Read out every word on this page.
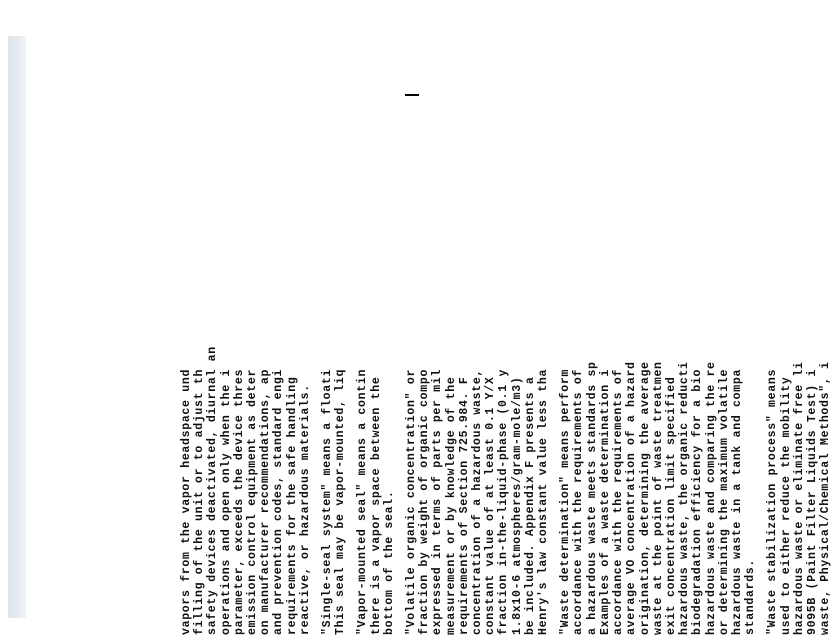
vapors from the vapor headspace und filling of the unit or to adjust th safety devices deactivated, diurnal an operations and open only when the i parameter, exceeds the device thres emission control equipment as deter on manufacturer recommendations, ap and prevention codes, standard engi requirements for the safe handling reactive, or hazardous materials. "Single-seal system" means a floati This seal may be vapor-mounted, liq "Vapor-mounted seal" means a contin there is a vapor space between the bottom of the seal. "Volatile organic concentration" or fraction by weight of organic compo expressed in terms of parts per mil measurement or by knowledge of the requirements of Section 725.984. F concentration of a hazardous waste, constant value of at least 0.1 Y/X fraction in-the-liquid-phase (0.1 y 1.8x10-6 atmospheres/gram-mole/m3) be included. Appendix F presents a Henry's law constant value less tha "Waste determination" means perform accordance with the requirements of a hazardous waste meets standards sp Examples of a waste determination i accordance with the requirements of average VO concentration of a hazard origination, determining the average waste at the point of waste treatmen exit concentration limit specified hazardous waste, the organic reducti biodegradation efficiency for a bio hazardous waste and comparing the re or determining the maximum volatile hazardous waste in a tank and compa standards. "Waste stabilization process" means used to either reduce the mobility hazardous waste or eliminate free li 9095B (Paint Filter Liquids Test) i waste, Physical/Chemical Methods", i
